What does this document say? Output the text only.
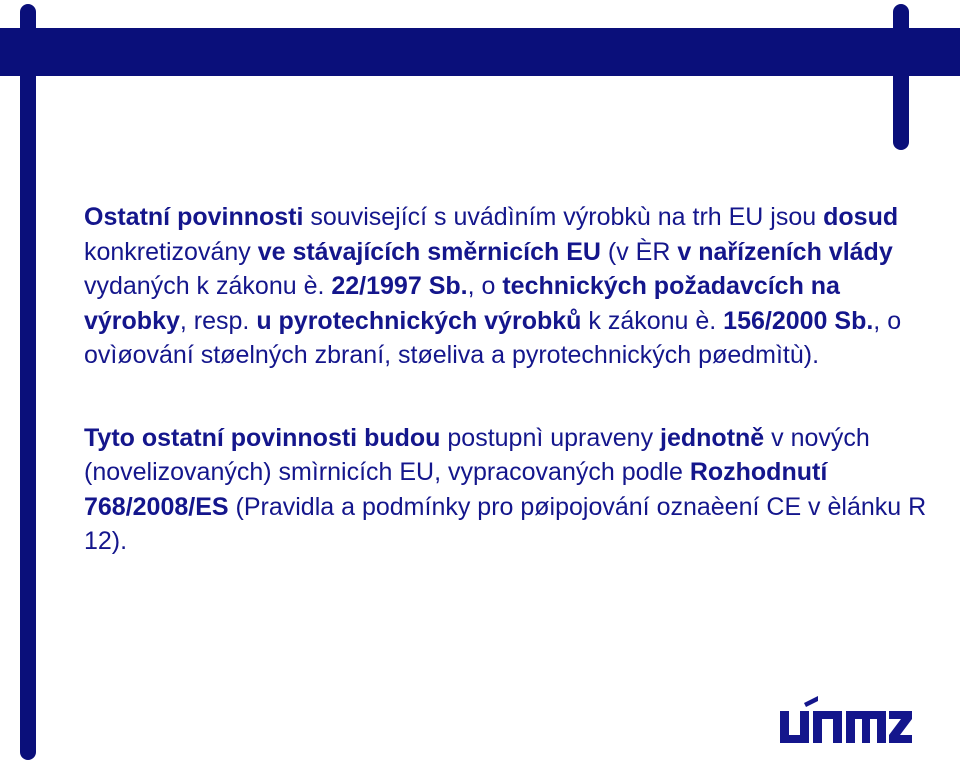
Ostatní povinnosti související s uvádìním výrobkù na trh EU jsou dosud konkretizovány ve stávajících směrnicích EU (v ÈR v nařízeních vlády vydaných k zákonu è. 22/1997 Sb., o technických požadavcích na výrobky, resp. u pyrotechnických výrobků k zákonu è. 156/2000 Sb., o ovìøování støelných zbraní, støeliva a pyrotechnických pøedmìtù).

Tyto ostatní povinnosti budou postupnì upraveny jednotně v nových (novelizovaných) smìrnicích EU, vypracovaných podle Rozhodnutí 768/2008/ES (Pravidla a podmínky pro pøipojování oznaèení CE v èlánku R 12).
